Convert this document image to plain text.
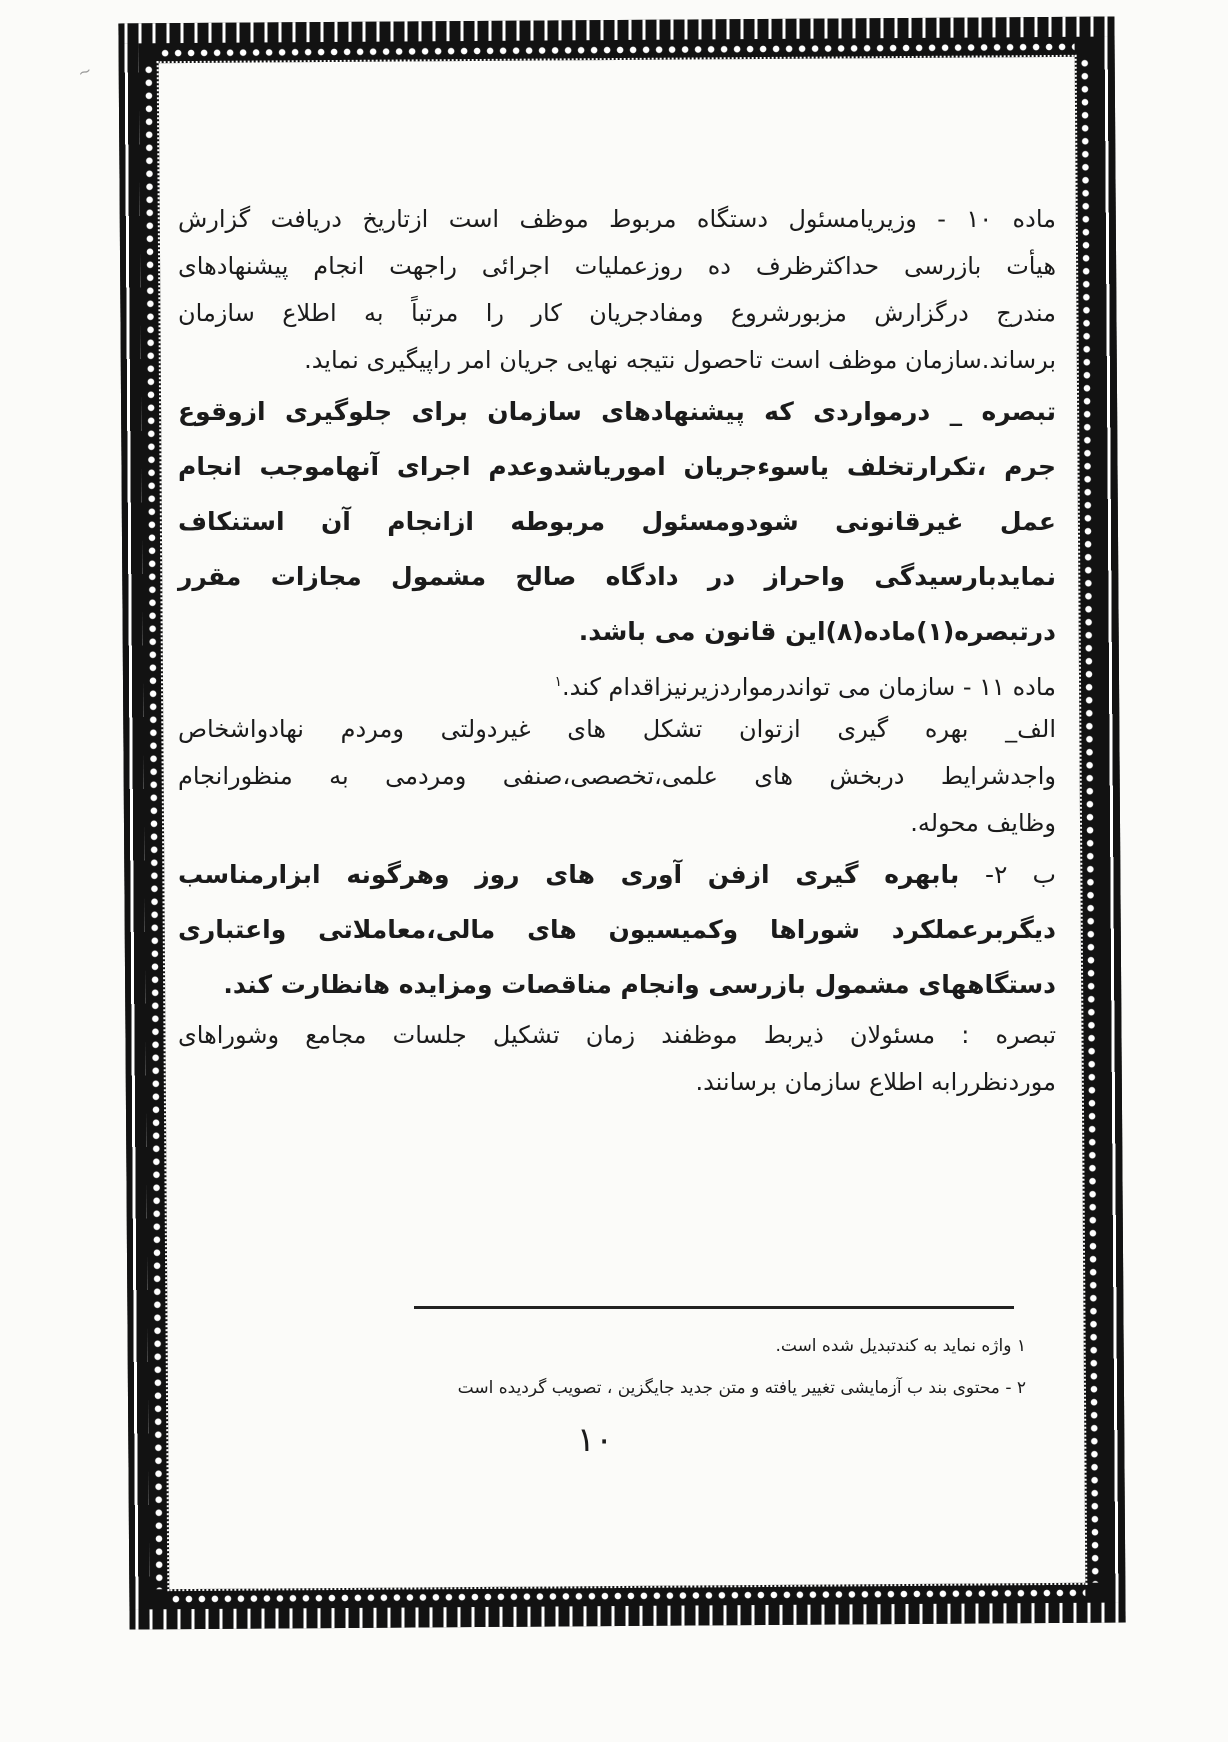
~
ماده ۱۰ - وزیریامسئول دستگاه مربوط موظف است ازتاریخ دریافت گزارش
هیأت بازرسی حداکثرظرف ده روزعملیات اجرائی راجهت انجام پیشنهادهای
مندرج درگزارش مزبورشروع ومفادجریان کار را مرتباً به اطلاع سازمان
برساند.سازمان موظف است تاحصول نتیجه نهایی جریان امر راپیگیری نماید.
تبصره _ درمواردی که پیشنهادهای سازمان برای جلوگیری ازوقوع
جرم ،تکرارتخلف یاسوءجریان اموریاشدوعدم اجرای آنهاموجب انجام
عمل غیرقانونی شودومسئول مربوطه ازانجام آن استنکاف
نمایدبارسیدگی واحراز در دادگاه صالح مشمول مجازات مقرر
درتبصره(۱)ماده(۸)این قانون می باشد.
ماده ۱۱ - سازمان می تواندرمواردزیرنیزاقدام کند.$^۱$
الف_ بهره گیری ازتوان تشکل های غیردولتی ومردم نهادواشخاص
واجدشرایط دربخش های علمی،تخصصی،صنفی ومردمی به منظورانجام
وظایف محوله.
ب ۲- بابهره گیری ازفن آوری های روز وهرگونه ابزارمناسب
دیگربرعملکرد شوراها وکمیسیون های مالی،معاملاتی واعتباری
دستگاههای مشمول بازرسی وانجام مناقصات ومزایده هانظارت کند.
تبصره : مسئولان ذیربط موظفند زمان تشکیل جلسات مجامع وشوراهای
موردنظررابه اطلاع سازمان برسانند.
۱ واژه نماید به کندتبدیل شده است.
۲ - محتوی بند ب آزمایشی تغییر یافته و متن جدید جایگزین ، تصویب گردیده است
۱۰
